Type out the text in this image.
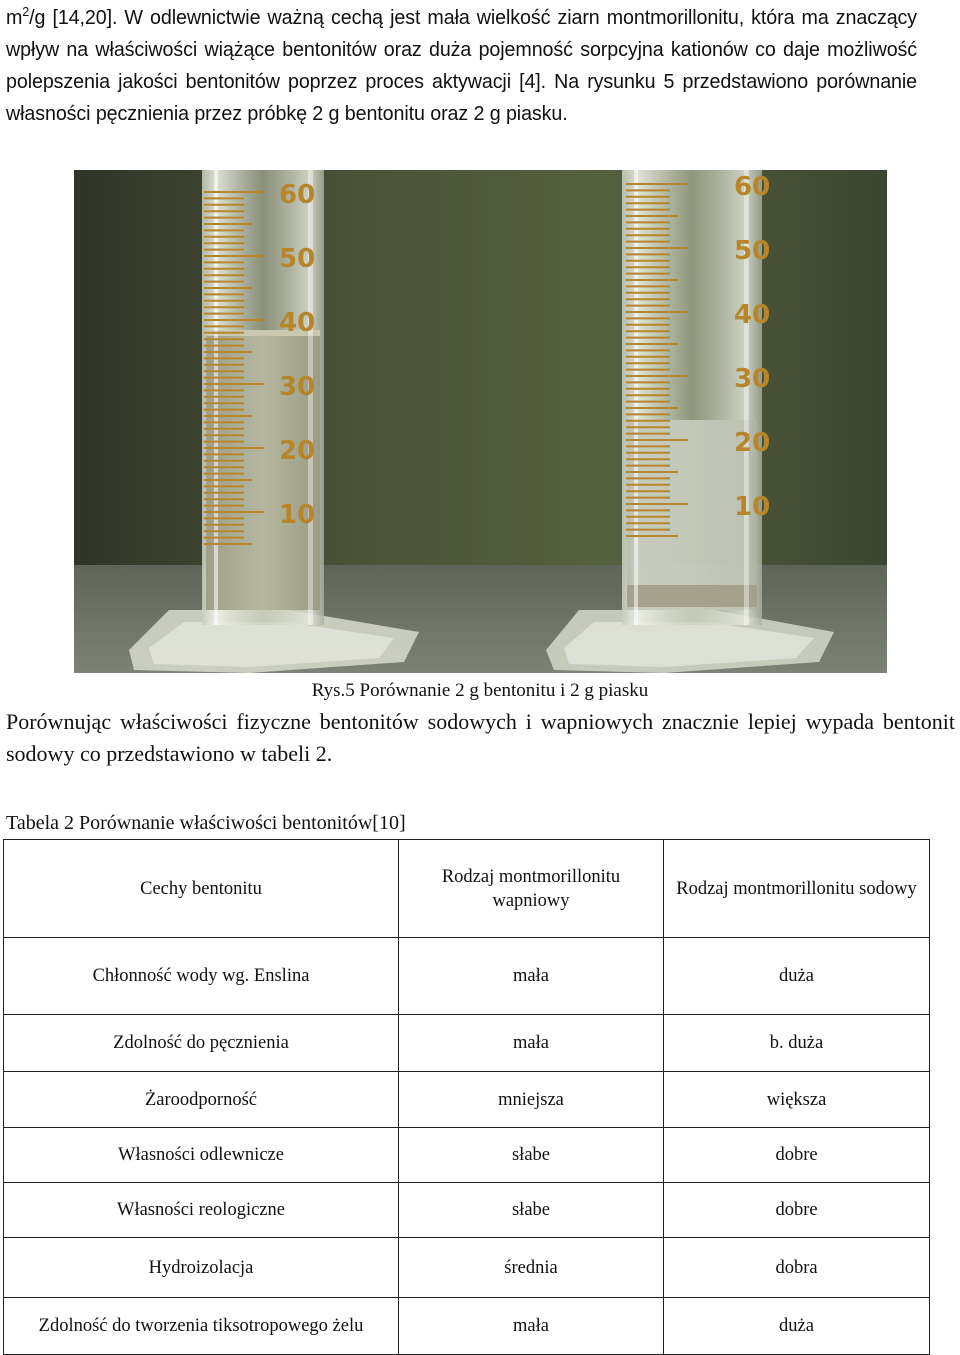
$m^2/g$ [14,20]. W odlewnictwie ważną cechą jest mała wielkość ziarn montmorillonitu, która ma znaczący wpływ na właściwości wiążące bentonitów oraz duża pojemność sorpcyjna kationów co daje możliwość polepszenia jakości bentonitów poprzez proces aktywacji [4]. Na rysunku 5 przedstawiono porównanie własności pęcznienia przez próbkę 2 g bentonitu oraz 2 g piasku.
60
50
40
30
20
10
60
50
40
30
20
10
Rys.5 Porównanie 2 g bentonitu i 2 g piasku
Porównując właściwości fizyczne bentonitów sodowych i wapniowych znacznie lepiej wypada bentonit sodowy co przedstawiono w tabeli 2.
Tabela 2 Porównanie właściwości bentonitów[10]
Cechy bentonitu	Rodzaj montmorillonitu wapniowy	Rodzaj montmorillonitu sodowy
Chłonność wody wg. Enslina	mała	duża
Zdolność do pęcznienia	mała	b. duża
Żaroodporność	mniejsza	większa
Własności odlewnicze	słabe	dobre
Własności reologiczne	słabe	dobre
Hydroizolacja	średnia	dobra
Zdolność do tworzenia tiksotropowego żelu	mała	duża
